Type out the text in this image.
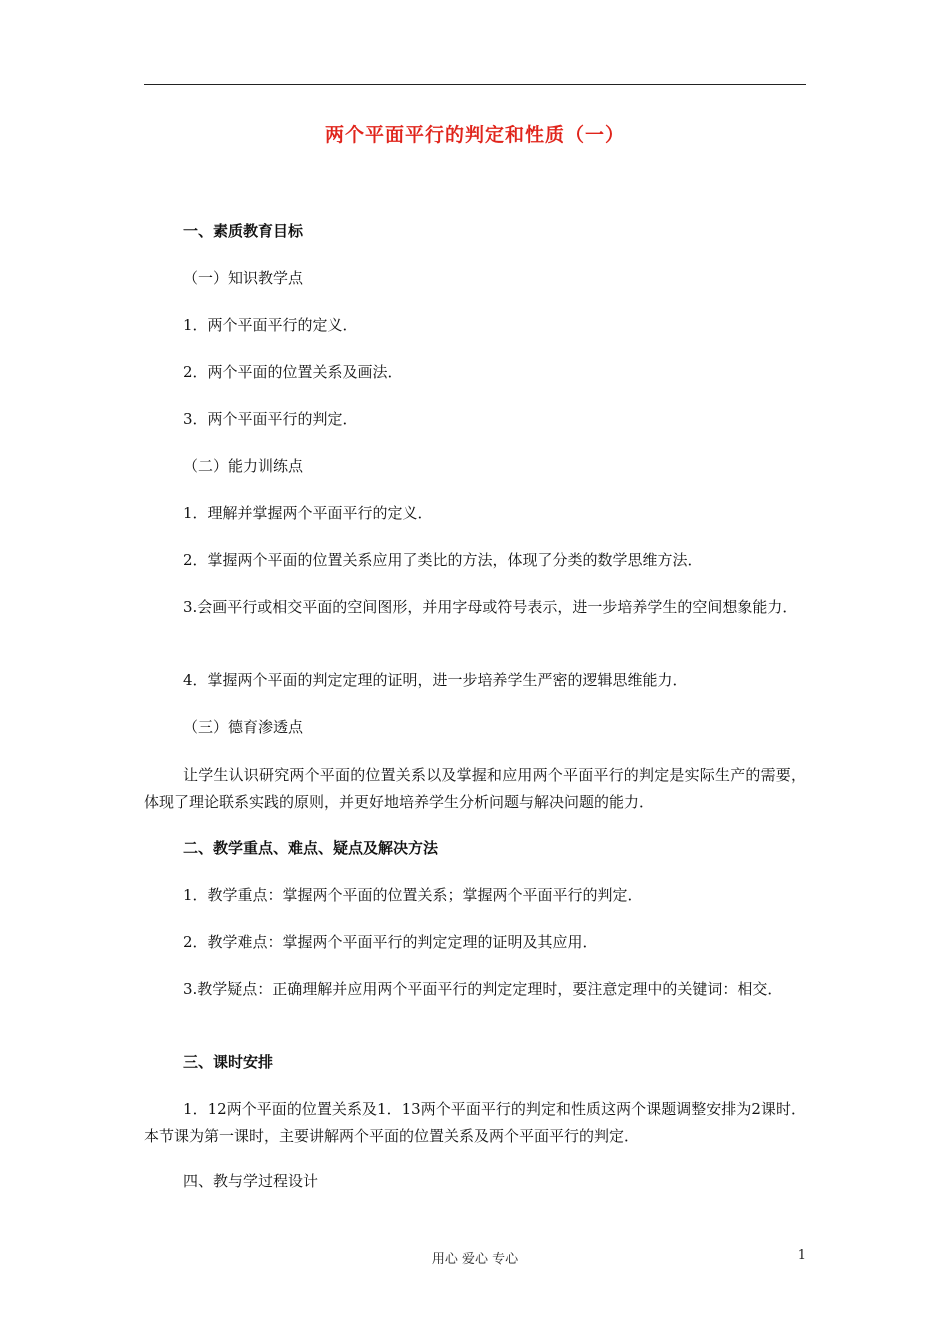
两个平面平行的判定和性质（一）
一、素质教育目标
（一）知识教学点
1．两个平面平行的定义．
2．两个平面的位置关系及画法．
3．两个平面平行的判定．
（二）能力训练点
1．理解并掌握两个平面平行的定义．
2．掌握两个平面的位置关系应用了类比的方法，体现了分类的数学思维方法．
3.会画平行或相交平面的空间图形，并用字母或符号表示，进一步培养学生的空间想象能力．
4．掌握两个平面的判定定理的证明，进一步培养学生严密的逻辑思维能力．
（三）德育渗透点
让学生认识研究两个平面的位置关系以及掌握和应用两个平面平行的判定是实际生产的需要，体现了理论联系实践的原则，并更好地培养学生分析问题与解决问题的能力．
二、教学重点、难点、疑点及解决方法
1．教学重点：掌握两个平面的位置关系；掌握两个平面平行的判定．
2．教学难点：掌握两个平面平行的判定定理的证明及其应用．
3.教学疑点：正确理解并应用两个平面平行的判定定理时，要注意定理中的关键词：相交．
三、课时安排
1．12两个平面的位置关系及1．13两个平面平行的判定和性质这两个课题调整安排为2课时．本节课为第一课时，主要讲解两个平面的位置关系及两个平面平行的判定．
四、教与学过程设计
用心 爱心 专心	1
